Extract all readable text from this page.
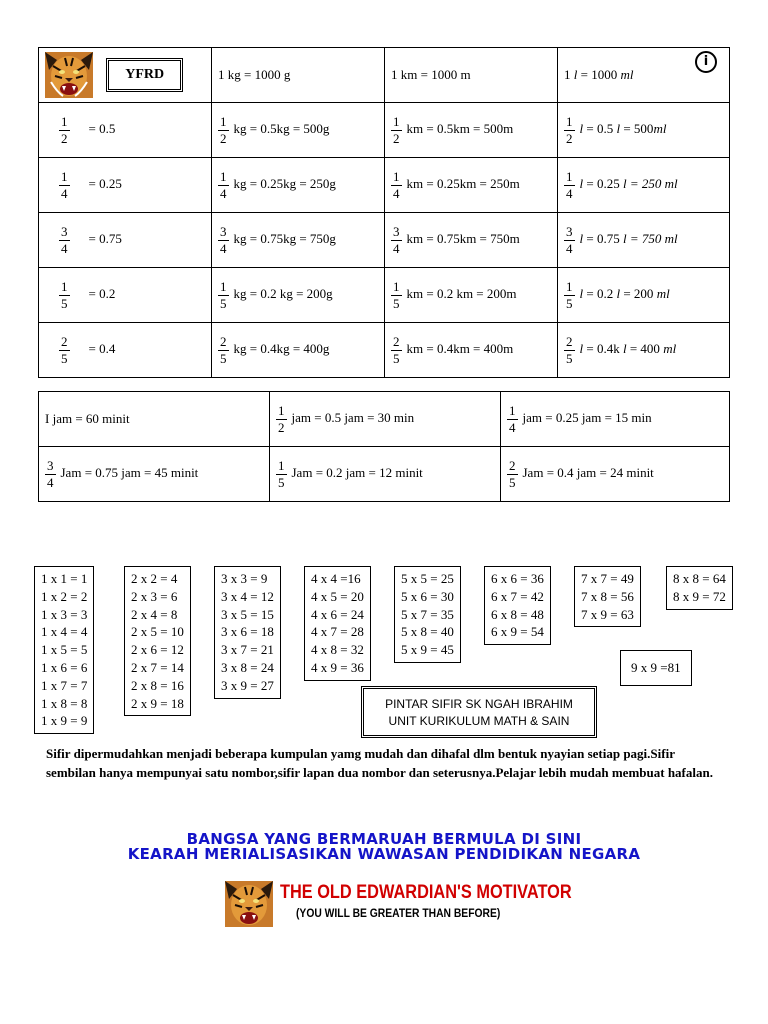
YFRD	1 kg = 1000 g	1 km = 1000 m	1 l = 1000 ml
i

$\frac{1}{2} = 0.5$	$\frac{1}{2}$ kg = 0.5kg = 500g	$\frac{1}{2}$ km = 0.5km = 500m	$\frac{1}{2}$ l = 0.5 l = 500ml

$\frac{1}{4} = 0.25$	$\frac{1}{4}$ kg = 0.25kg = 250g	$\frac{1}{4}$ km = 0.25km = 250m	$\frac{1}{4}$ l = 0.25 l = 250 ml

$\frac{3}{4} = 0.75$	$\frac{3}{4}$ kg = 0.75kg = 750g	$\frac{3}{4}$ km = 0.75km = 750m	$\frac{3}{4}$ l = 0.75 l = 750 ml

$\frac{1}{5} = 0.2$	$\frac{1}{5}$ kg = 0.2 kg = 200g	$\frac{1}{5}$ km = 0.2 km = 200m	$\frac{1}{5}$ l = 0.2 l = 200 ml

$\frac{2}{5} = 0.4$	$\frac{2}{5}$ kg = 0.4kg = 400g	$\frac{2}{5}$ km = 0.4km = 400m	$\frac{2}{5}$ l = 0.4k l = 400 ml
I jam = 60 minit	$\frac{1}{2}$ jam = 0.5 jam = 30 min	$\frac{1}{4}$ jam = 0.25 jam = 15 min

$\frac{3}{4}$ Jam = 0.75 jam = 45 minit	$\frac{1}{5}$ Jam = 0.2 jam = 12 minit	$\frac{2}{5}$ Jam = 0.4 jam = 24 minit
1 x 1 = 1
1 x 2 = 2
1 x 3 = 3
1 x 4 = 4
1 x 5 = 5
1 x 6 = 6
1 x 7 = 7
1 x 8 = 8
1 x 9 = 9
2 x 2 = 4
2 x 3 = 6
2 x 4 = 8
2 x 5 = 10
2 x 6 = 12
2 x 7 = 14
2 x 8 = 16
2 x 9 = 18
3 x 3 = 9
3 x 4 = 12
3 x 5 = 15
3 x 6 = 18
3 x 7 = 21
3 x 8 = 24
3 x 9 = 27
4 x 4 =16
4 x 5 = 20
4 x 6 = 24
4 x 7 = 28
4 x 8 = 32
4 x 9 = 36
5 x 5 = 25
5 x 6 = 30
5 x 7 = 35
5 x 8 = 40
5 x 9 = 45
6 x 6 = 36
6 x 7 = 42
6 x 8 = 48
6 x 9 = 54
7 x 7 = 49
7 x 8 = 56
7 x 9 = 63
8 x 8 = 64
8 x 9 = 72
9 x 9 =81
PINTAR SIFIR SK NGAH IBRAHIM
UNIT KURIKULUM MATH & SAIN
Sifir dipermudahkan menjadi beberapa kumpulan yamg mudah dan dihafal dlm bentuk nyayian setiap pagi.Sifir sembilan hanya mempunyai satu nombor,sifir lapan dua nombor dan seterusnya.Pelajar lebih mudah membuat hafalan.
BANGSA YANG BERMARUAH BERMULA DI SINI
KEARAH MERIALISASIKAN WAWASAN PENDIDIKAN NEGARA
THE OLD EDWARDIAN'S MOTIVATOR
(YOU WILL BE GREATER THAN BEFORE)
